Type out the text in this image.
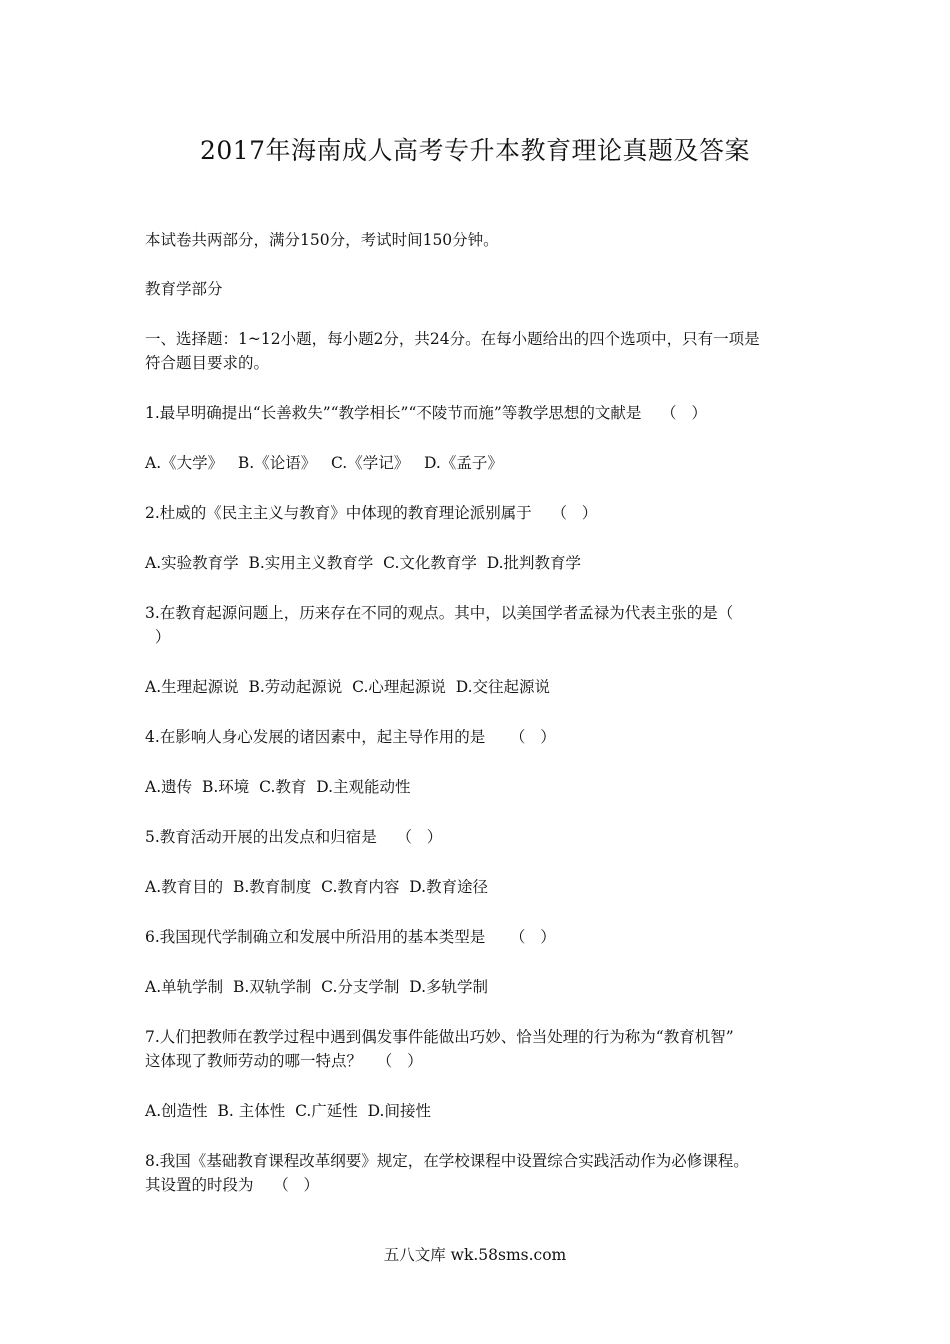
2017年海南成人高考专升本教育理论真题及答案
本试卷共两部分，满分150分，考试时间150分钟。
教育学部分
一、选择题：1~12小题，每小题2分，共24分。在每小题给出的四个选项中，只有一项是
符合题目要求的。
1.最早明确提出“长善救失”“教学相长”“不陵节而施”等教学思想的文献是    （   ）
A.《大学》   B.《论语》   C.《学记》   D.《孟子》
2.杜威的《民主主义与教育》中体现的教育理论派别属于    （   ）
A.实验教育学  B.实用主义教育学  C.文化教育学  D.批判教育学
3.在教育起源问题上，历来存在不同的观点。其中，以美国学者孟禄为代表主张的是（
）
A.生理起源说  B.劳动起源说  C.心理起源说  D.交往起源说
4.在影响人身心发展的诸因素中，起主导作用的是     （   ）
A.遗传  B.环境  C.教育  D.主观能动性
5.教育活动开展的出发点和归宿是    （   ）
A.教育目的  B.教育制度  C.教育内容  D.教育途径
6.我国现代学制确立和发展中所沿用的基本类型是     （   ）
A.单轨学制  B.双轨学制  C.分支学制  D.多轨学制
7.人们把教师在教学过程中遇到偶发事件能做出巧妙、恰当处理的行为称为“教育机智”
这体现了教师劳动的哪一特点？   （   ）
A.创造性  B. 主体性  C.广延性  D.间接性
8.我国《基础教育课程改革纲要》规定，在学校课程中设置综合实践活动作为必修课程。
其设置的时段为    （   ）
五八文库 wk.58sms.com
